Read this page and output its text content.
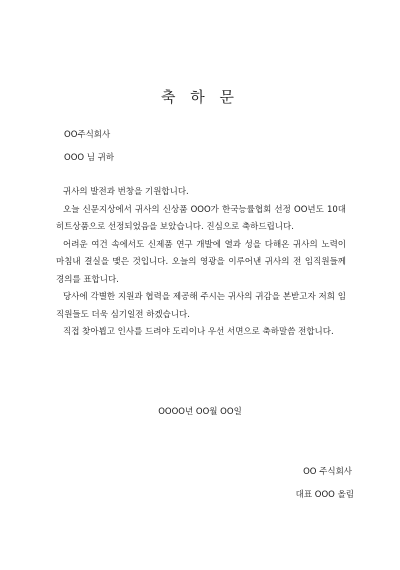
축 하 문
OO주식회사
OOO 님 귀하

귀사의 발전과 번창을 기원합니다.

오늘 신문지상에서 귀사의 신상품 OOO가 한국능률협회 선정 OO년도 10대 히트상품으로 선정되었음을 보았습니다. 진심으로 축하드립니다.

어려운 여건 속에서도 신제품 연구 개발에 열과 성을 다해온 귀사의 노력이 마침내 결실을 맺은 것입니다. 오늘의 영광을 이루어낸 귀사의 전 임직원들께 경의를 표합니다.

당사에 각별한 지원과 협력을 제공해 주시는 귀사의 귀감을 본받고자 저희 임직원들도 더욱 심기일전 하겠습니다.

직접 찾아뵙고 인사를 드려야 도리이나 우선 서면으로 축하말씀 전합니다.

OOOO년 OO월 OO일
OO 주식회사
대표 OOO 올림
